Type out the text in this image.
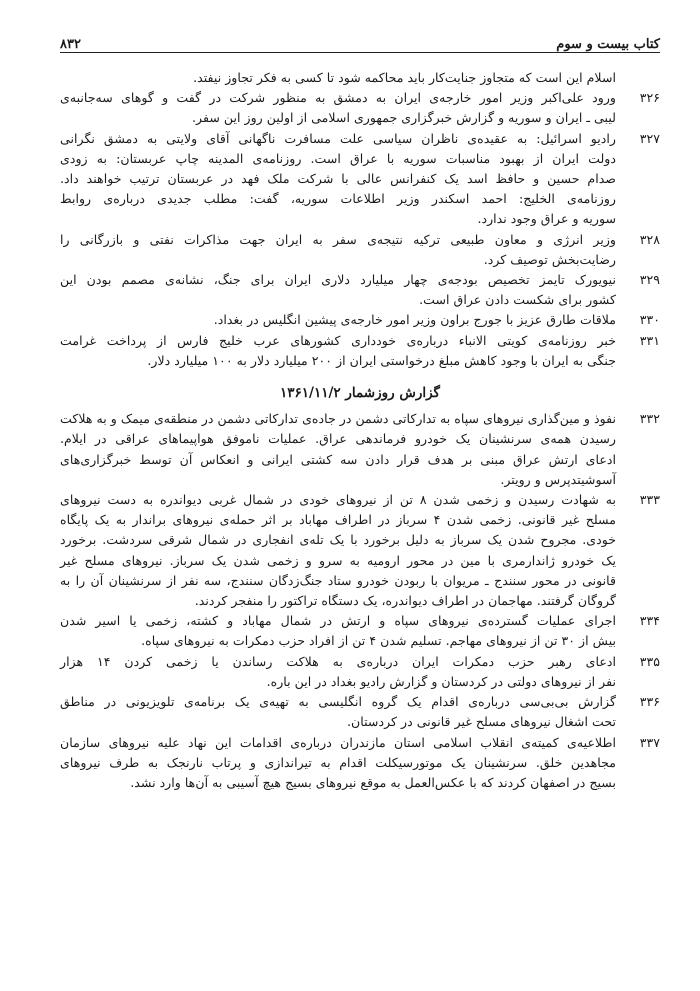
کتاب بیست و سوم
۸۳۲

اسلام این است که متجاوز جنایت‌کار باید محاکمه شود تا کسی به فکر تجاوز نیفتد.

۳۲۶
ورود علی‌اکبر وزیر امور خارجه‌ی ایران به دمشق به منظور شرکت در گفت و گوهای سه‌جانبه‌ی
لیبی ـ ایران و سوریه و گزارش خبرگزاری جمهوری اسلامی از اولین روز این سفر.
۳۲۷
رادیو اسرائیل: به عقیده‌ی ناظران سیاسی علت مسافرت ناگهانی آقای ولایتی به دمشق نگرانی
دولت ایران از بهبود مناسبات سوریه با عراق است. روزنامه‌ی المدینه چاپ عربستان: به زودی
صدام حسین و حافظ اسد یک کنفرانس عالی با شرکت ملک فهد در عربستان ترتیب خواهند داد.
روزنامه‌ی الخلیج: احمد اسکندر وزیر اطلاعات سوریه، گفت: مطلب جدیدی درباره‌ی روابط
سوریه و عراق وجود ندارد.
۳۲۸
وزیر انرژی و معاون طبیعی ترکیه نتیجه‌ی سفر به ایران جهت مذاکرات نفتی و بازرگانی را
رضایت‌بخش توصیف کرد.
۳۲۹
نیویورک تایمز تخصیص بودجه‌ی چهار میلیارد دلاری ایران برای جنگ، نشانه‌ی مصمم بودن این
کشور برای شکست دادن عراق است.
۳۳۰
ملاقات طارق عزیز با جورج براون وزیر امور خارجه‌ی پیشین انگلیس در بغداد.
۳۳۱
خبر روزنامه‌ی کویتی الانباء درباره‌ی خودداری کشورهای عرب خلیج فارس از پرداخت غرامت
جنگی به ایران با وجود کاهش مبلغ درخواستی ایران از ۲۰۰ میلیارد دلار به ۱۰۰ میلیارد دلار.
گزارش روزشمار ۱۳۶۱/۱۱/۲
۳۳۲
نفوذ و مین‌گذاری نیروهای سپاه به تدارکاتی دشمن در جاده‌ی تدارکاتی دشمن در منطقه‌ی میمک و به هلاکت
رسیدن همه‌ی سرنشینان یک خودرو فرماندهی عراق. عملیات ناموفق هواپیماهای عراقی در ایلام.
ادعای ارتش عراق مبنی بر هدف قرار دادن سه کشتی ایرانی و انعکاس آن توسط خبرگزاری‌های
آسوشیتدپرس و رویتر.
۳۳۳
به شهادت رسیدن و زخمی شدن ۸ تن از نیروهای خودی در شمال غربی دیواندره به دست نیروهای
مسلح غیر قانونی. زخمی شدن ۴ سرباز در اطراف مهاباد بر اثر حمله‌ی نیروهای براندار به یک پایگاه
خودی. مجروح شدن یک سرباز به دلیل برخورد با یک تله‌ی انفجاری در شمال شرقی سردشت. برخورد
یک خودرو ژاندارمری با مین در محور ارومیه به سرو و زخمی شدن یک سرباز. نیروهای مسلح غیر
قانونی در محور سنندج ـ مریوان با ربودن خودرو ستاد جنگ‌زدگان سنندج، سه نفر از سرنشینان آن را به
گروگان گرفتند. مهاجمان در اطراف دیواندره، یک دستگاه تراکتور را منفجر کردند.
۳۳۴
اجرای عملیات گسترده‌ی نیروهای سپاه و ارتش در شمال مهاباد و کشته، زخمی یا اسیر شدن
بیش از ۳۰ تن از نیروهای مهاجم. تسلیم شدن ۴ تن از افراد حزب دمکرات به نیروهای سپاه.
۳۳۵
ادعای رهبر حزب دمکرات ایران درباره‌ی به هلاکت رساندن یا زخمی کردن ۱۴ هزار
نفر از نیروهای دولتی در کردستان و گزارش رادیو بغداد در این باره.
۳۳۶
گزارش بی‌بی‌سی درباره‌ی اقدام یک گروه انگلیسی به تهیه‌ی یک برنامه‌ی تلویزیونی در مناطق
تحت اشغال نیروهای مسلح غیر قانونی در کردستان.
۳۳۷
اطلاعیه‌ی کمیته‌ی انقلاب اسلامی استان مازندران درباره‌ی اقدامات این نهاد علیه نیروهای سازمان
مجاهدین خلق. سرنشینان یک موتورسیکلت اقدام به تیراندازی و پرتاب نارنجک به طرف نیروهای
بسیج در اصفهان کردند که با عکس‌العمل به موقع نیروهای بسیج هیچ آسیبی به آن‌ها وارد نشد.
